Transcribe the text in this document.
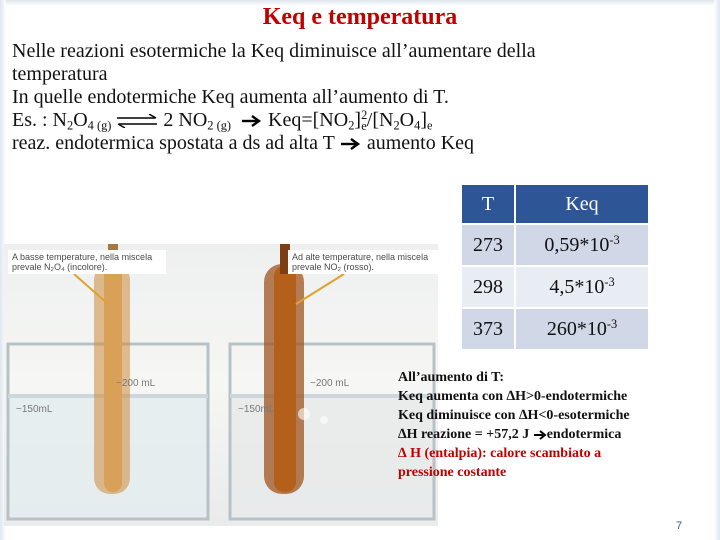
Keq e temperatura
Nelle reazioni esotermiche la Keq diminuisce all’aumentare della
temperatura
In quelle endotermiche Keq aumenta all’aumento di T.
Es. : $N_2O_{4 (g)}$ ⇌ 2 $NO_{2 (g)}$ $Keq=[NO_2]^2_e/[N_2O_4]_e$
reaz. endotermica spostata a ds ad alta T aumento Keq
−200 mL
~150mL
−200 mL
~150mL
A basse temperature, nella miscela prevale N₂O₄ (incolore).
Ad alte temperature, nella miscela prevale NO₂ (rosso).
T	Keq
273	$0,59*10^{-3}$
298	$4,5*10^{-3}$
373	$260*10^{-3}$
All’aumento di T:
Keq aumenta con ∆H>0-endotermiche
Keq diminuisce con ∆H<0-esotermiche
∆H reazione = +57,2 J endotermica
∆ H (entalpia): calore scambiato a
pressione costante
7
